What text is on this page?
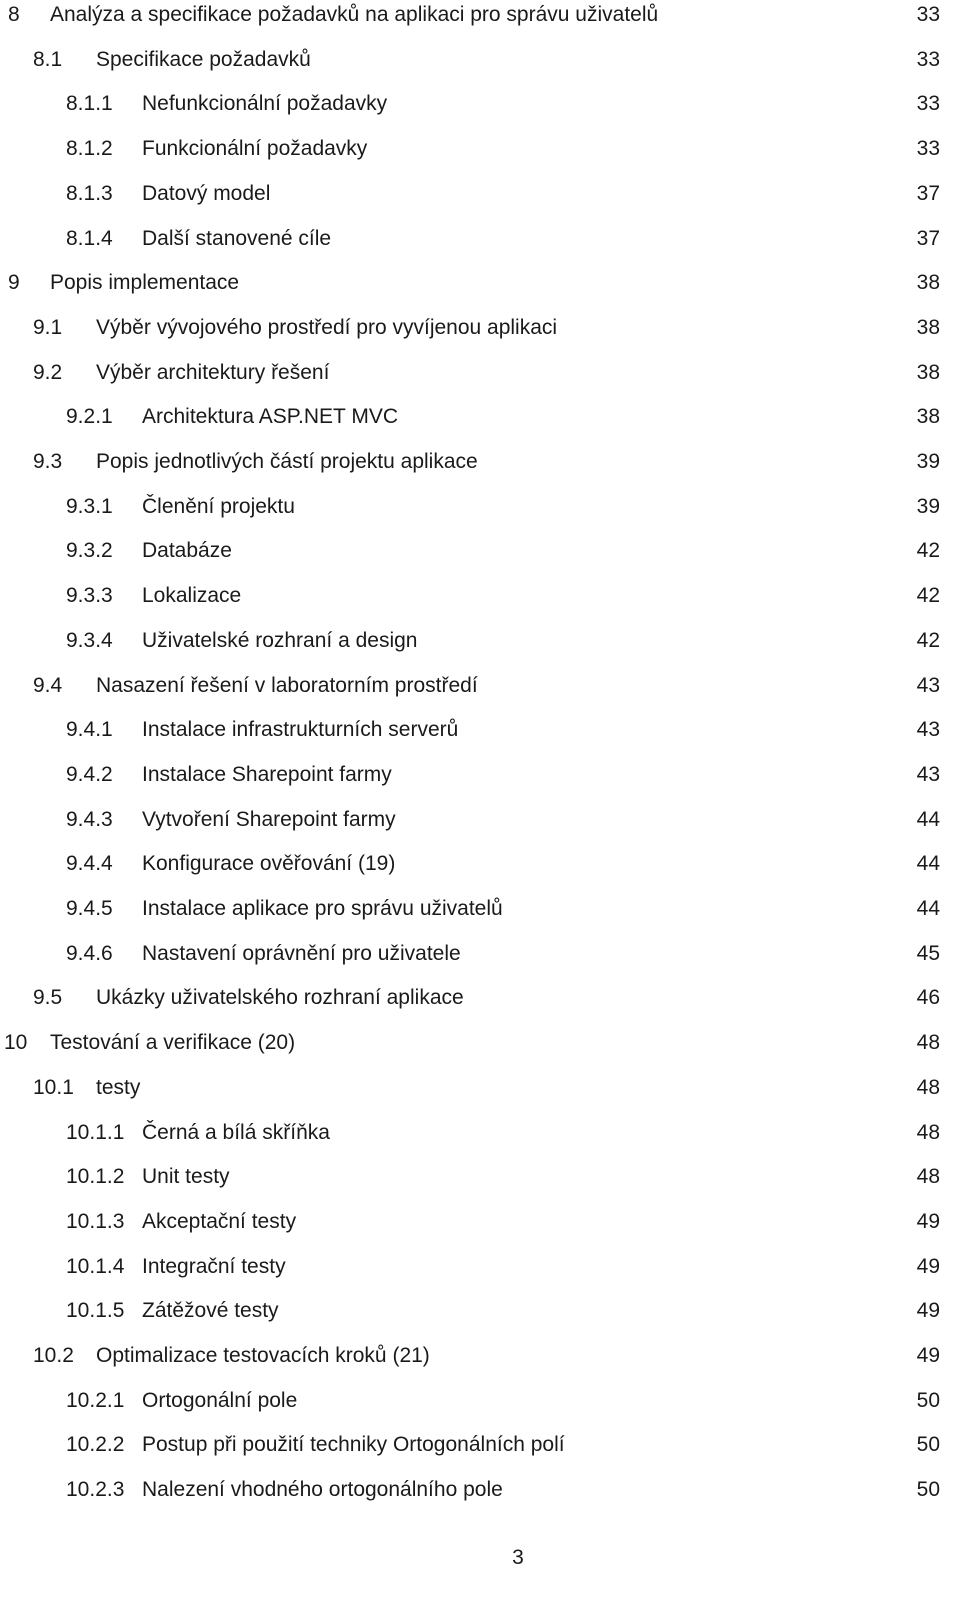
8 Analýza a specifikace požadavků na aplikaci pro správu uživatelů	33
8.1 Specifikace požadavků	33
8.1.1 Nefunkcionální požadavky	33
8.1.2 Funkcionální požadavky	33
8.1.3 Datový model	37
8.1.4 Další stanovené cíle	37
9 Popis implementace	38
9.1 Výběr vývojového prostředí pro vyvíjenou aplikaci	38
9.2 Výběr architektury řešení	38
9.2.1 Architektura ASP.NET MVC	38
9.3 Popis jednotlivých částí projektu aplikace	39
9.3.1 Členění projektu	39
9.3.2 Databáze	42
9.3.3 Lokalizace	42
9.3.4 Uživatelské rozhraní a design	42
9.4 Nasazení řešení v laboratorním prostředí	43
9.4.1 Instalace infrastrukturních serverů	43
9.4.2 Instalace Sharepoint farmy	43
9.4.3 Vytvoření Sharepoint farmy	44
9.4.4 Konfigurace ověřování (19)	44
9.4.5 Instalace aplikace pro správu uživatelů	44
9.4.6 Nastavení oprávnění pro uživatele	45
9.5 Ukázky uživatelského rozhraní aplikace	46
10 Testování a verifikace (20)	48
10.1 testy	48
10.1.1 Černá a bílá skříňka	48
10.1.2 Unit testy	48
10.1.3 Akceptační testy	49
10.1.4 Integrační testy	49
10.1.5 Zátěžové testy	49
10.2 Optimalizace testovacích kroků (21)	49
10.2.1 Ortogonální pole	50
10.2.2 Postup při použití techniky Ortogonálních polí	50
10.2.3 Nalezení vhodného ortogonálního pole	50
3
